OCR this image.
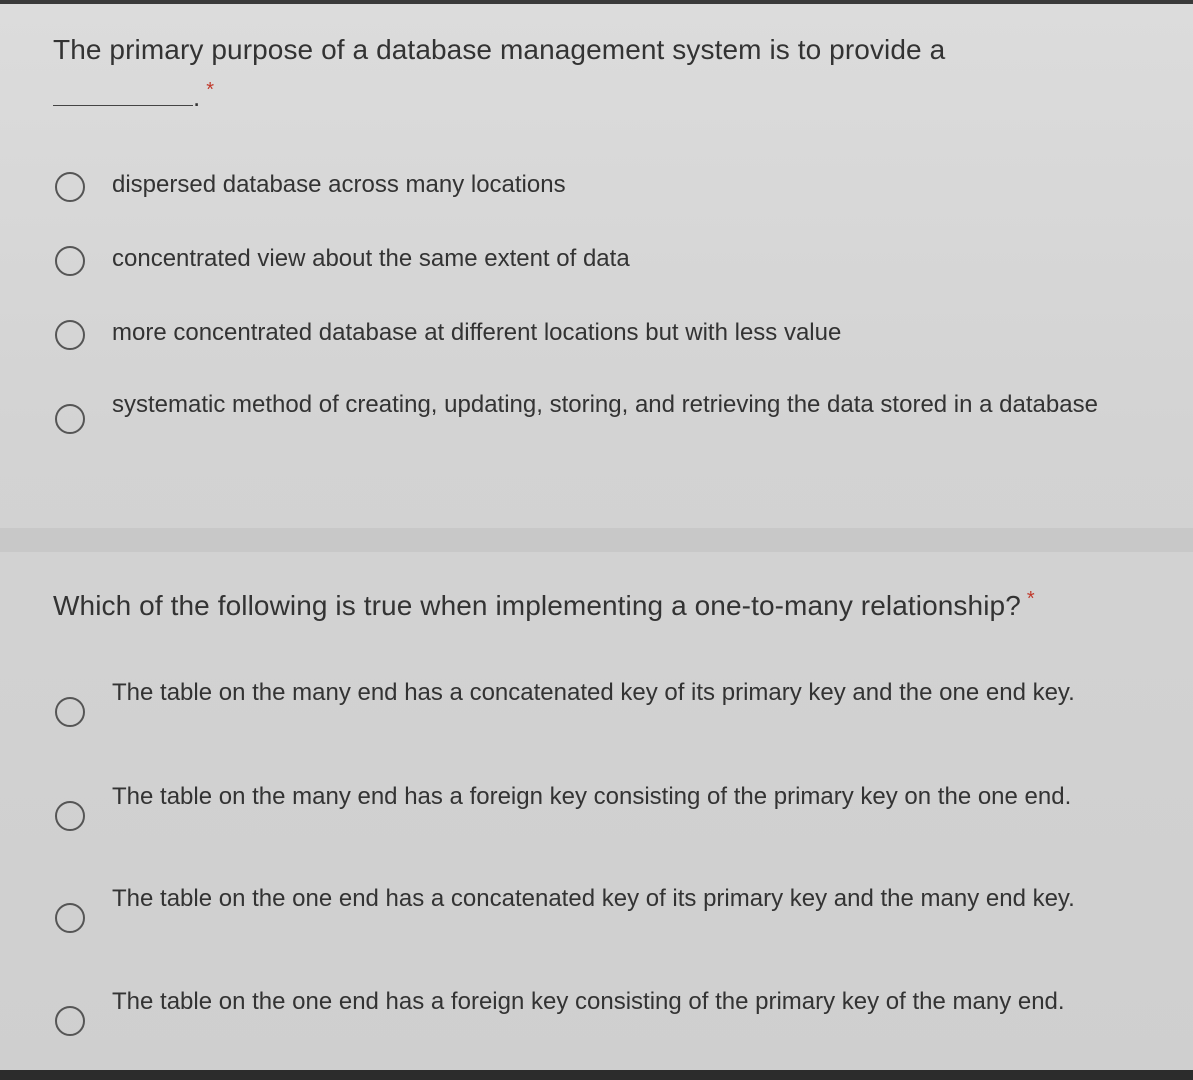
The primary purpose of a database management system is to provide a
. *
dispersed database across many locations
concentrated view about the same extent of data
more concentrated database at different locations but with less value
systematic method of creating, updating, storing, and retrieving the data stored in a database
Which of the following is true when implementing a one-to-many relationship? *
The table on the many end has a concatenated key of its primary key and the one end key.
The table on the many end has a foreign key consisting of the primary key on the one end.
The table on the one end has a concatenated key of its primary key and the many end key.
The table on the one end has a foreign key consisting of the primary key of the many end.
